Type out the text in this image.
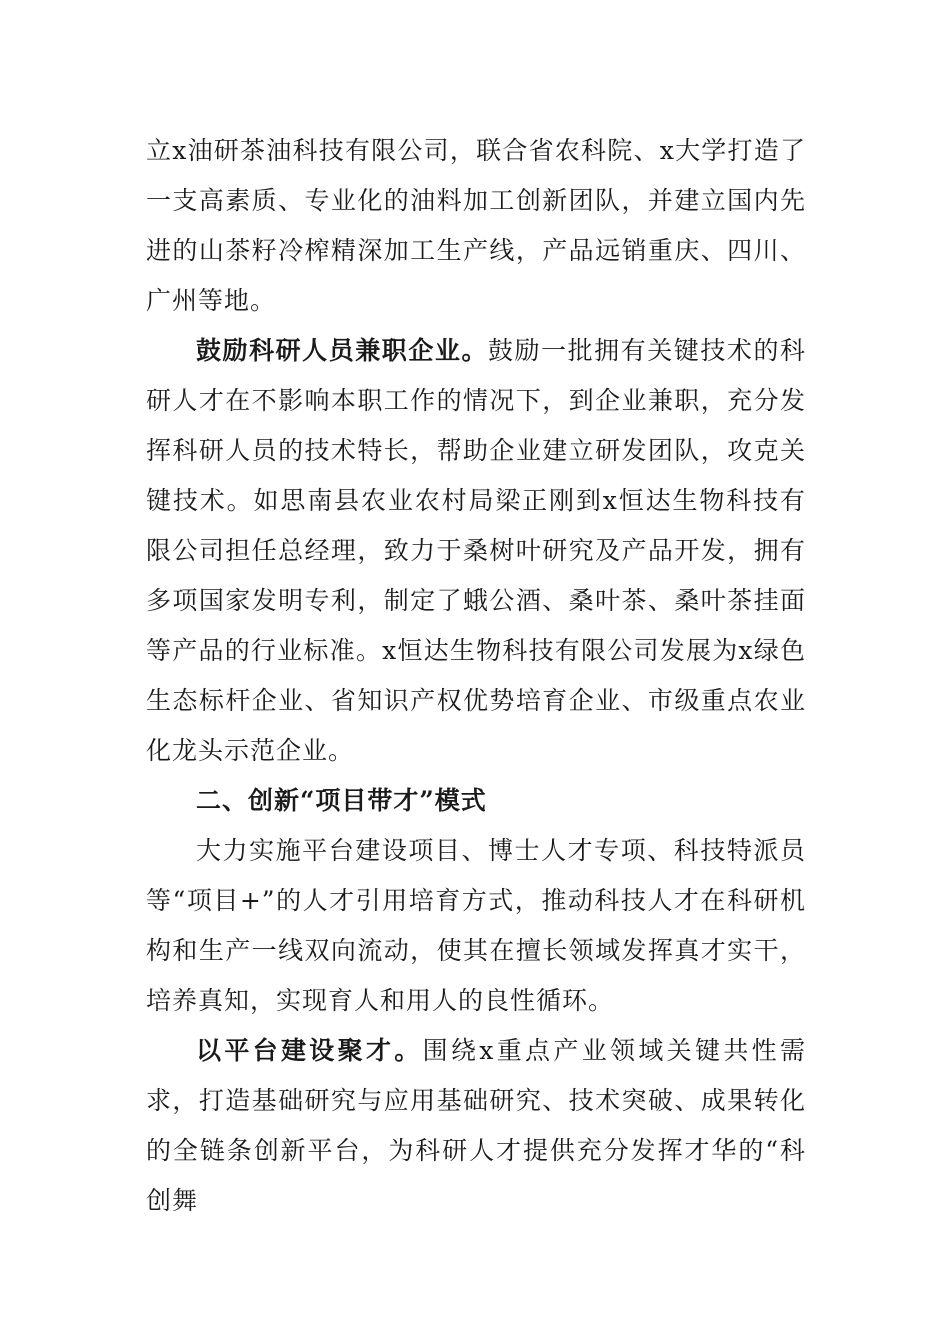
立x油研茶油科技有限公司，联合省农科院、x大学打造了一支高素质、专业化的油料加工创新团队，并建立国内先进的山茶籽冷榨精深加工生产线，产品远销重庆、四川、广州等地。

鼓励科研人员兼职企业。鼓励一批拥有关键技术的科研人才在不影响本职工作的情况下，到企业兼职，充分发挥科研人员的技术特长，帮助企业建立研发团队，攻克关键技术。如思南县农业农村局梁正刚到x恒达生物科技有限公司担任总经理，致力于桑树叶研究及产品开发，拥有多项国家发明专利，制定了蛾公酒、桑叶茶、桑叶茶挂面等产品的行业标准。x恒达生物科技有限公司发展为x绿色生态标杆企业、省知识产权优势培育企业、市级重点农业化龙头示范企业。

二、创新“项目带才”模式

大力实施平台建设项目、博士人才专项、科技特派员等“项目+”的人才引用培育方式，推动科技人才在科研机构和生产一线双向流动，使其在擅长领域发挥真才实干，培养真知，实现育人和用人的良性循环。

以平台建设聚才。围绕x重点产业领域关键共性需求，打造基础研究与应用基础研究、技术突破、成果转化的全链条创新平台，为科研人才提供充分发挥才华的“科创舞
